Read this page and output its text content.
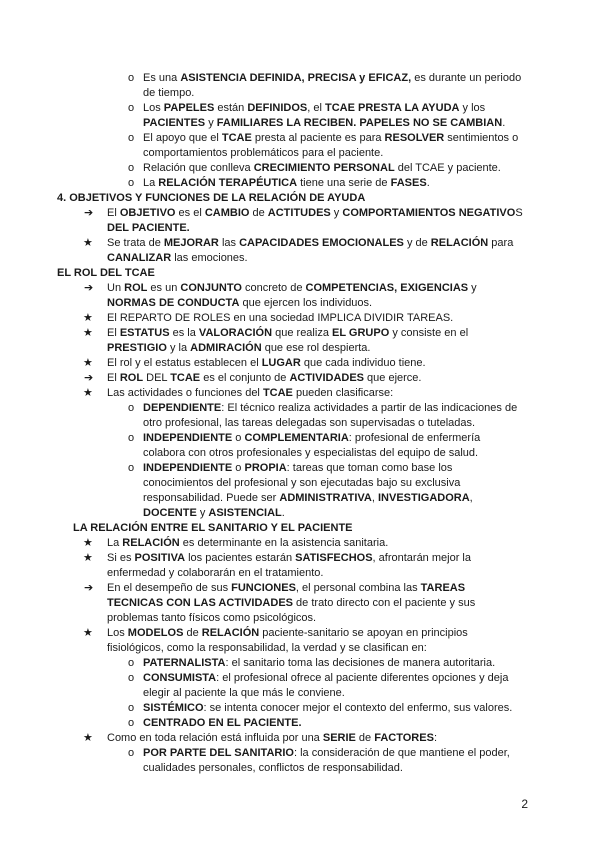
o Es una ASISTENCIA DEFINIDA, PRECISA y EFICAZ, es durante un periodo
de tiempo.
o Los PAPELES están DEFINIDOS, el TCAE PRESTA LA AYUDA y los
PACIENTES y FAMILIARES LA RECIBEN. PAPELES NO SE CAMBIAN.
o El apoyo que el TCAE presta al paciente es para RESOLVER sentimientos o
comportamientos problemáticos para el paciente.
o Relación que conlleva CRECIMIENTO PERSONAL del TCAE y paciente.
o La RELACIÓN TERAPÉUTICA tiene una serie de FASES.
4. OBJETIVOS Y FUNCIONES DE LA RELACIÓN DE AYUDA
➔ El OBJETIVO es el CAMBIO de ACTITUDES y COMPORTAMIENTOS NEGATIVOS
DEL PACIENTE.
★ Se trata de MEJORAR las CAPACIDADES EMOCIONALES y de RELACIÓN para
CANALIZAR las emociones.
EL ROL DEL TCAE
➔ Un ROL es un CONJUNTO concreto de COMPETENCIAS, EXIGENCIAS y
NORMAS DE CONDUCTA que ejercen los individuos.
★ El REPARTO DE ROLES en una sociedad IMPLICA DIVIDIR TAREAS.
★ El ESTATUS es la VALORACIÓN que realiza EL GRUPO y consiste en el
PRESTIGIO y la ADMIRACIÓN que ese rol despierta.
★ El rol y el estatus establecen el LUGAR que cada individuo tiene.
➔ El ROL DEL TCAE es el conjunto de ACTIVIDADES que ejerce.
★ Las actividades o funciones del TCAE pueden clasificarse:
o DEPENDIENTE: El técnico realiza actividades a partir de las indicaciones de
otro profesional, las tareas delegadas son supervisadas o tuteladas.
o INDEPENDIENTE o COMPLEMENTARIA: profesional de enfermería
colabora con otros profesionales y especialistas del equipo de salud.
o INDEPENDIENTE o PROPIA: tareas que toman como base los
conocimientos del profesional y son ejecutadas bajo su exclusiva
responsabilidad. Puede ser ADMINISTRATIVA, INVESTIGADORA,
DOCENTE y ASISTENCIAL.
LA RELACIÓN ENTRE EL SANITARIO Y EL PACIENTE
★ La RELACIÓN es determinante en la asistencia sanitaria.
★ Si es POSITIVA los pacientes estarán SATISFECHOS, afrontarán mejor la
enfermedad y colaborarán en el tratamiento.
➔ En el desempeño de sus FUNCIONES, el personal combina las TAREAS
TECNICAS CON LAS ACTIVIDADES de trato directo con el paciente y sus
problemas tanto físicos como psicológicos.
★ Los MODELOS de RELACIÓN paciente-sanitario se apoyan en principios
fisiológicos, como la responsabilidad, la verdad y se clasifican en:
o PATERNALISTA: el sanitario toma las decisiones de manera autoritaria.
o CONSUMISTA: el profesional ofrece al paciente diferentes opciones y deja
elegir al paciente la que más le conviene.
o SISTÉMICO: se intenta conocer mejor el contexto del enfermo, sus valores.
o CENTRADO EN EL PACIENTE.
★ Como en toda relación está influida por una SERIE de FACTORES:
o POR PARTE DEL SANITARIO: la consideración de que mantiene el poder,
cualidades personales, conflictos de responsabilidad.
2
